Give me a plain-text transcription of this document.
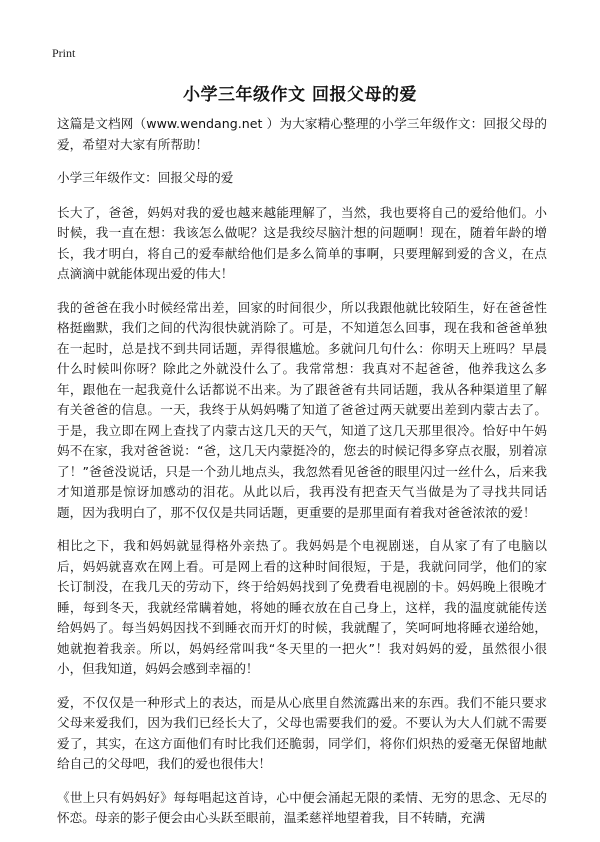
Print
小学三年级作文 回报父母的爱

这篇是文档网（www.wendang.net ）为大家精心整理的小学三年级作文：回报父母的爱，希望对大家有所帮助！

小学三年级作文：回报父母的爱

长大了，爸爸，妈妈对我的爱也越来越能理解了，当然，我也要将自己的爱给他们。小时候，我一直在想：我该怎么做呢？这是我绞尽脑汁想的问题啊！现在，随着年龄的增长，我才明白，将自己的爱奉献给他们是多么简单的事啊，只要理解到爱的含义，在点点滴滴中就能体现出爱的伟大！

我的爸爸在我小时候经常出差，回家的时间很少，所以我跟他就比较陌生，好在爸爸性格挺幽默，我们之间的代沟很快就消除了。可是，不知道怎么回事，现在我和爸爸单独在一起时，总是找不到共同话题，弄得很尴尬。多就问几句什么：你明天上班吗？早晨什么时候叫你呀？除此之外就没什么了。我常常想：我真对不起爸爸，他养我这么多年，跟他在一起我竟什么话都说不出来。为了跟爸爸有共同话题，我从各种渠道里了解有关爸爸的信息。一天，我终于从妈妈嘴了知道了爸爸过两天就要出差到内蒙古去了。于是，我立即在网上查找了内蒙古这几天的天气，知道了这几天那里很冷。恰好中午妈妈不在家，我对爸爸说：“爸，这几天内蒙挺冷的，您去的时候记得多穿点衣服，别着凉了！”爸爸没说话，只是一个劲儿地点头，我忽然看见爸爸的眼里闪过一丝什么，后来我才知道那是惊讶加感动的泪花。从此以后，我再没有把查天气当做是为了寻找共同话题，因为我明白了，那不仅仅是共同话题，更重要的是那里面有着我对爸爸浓浓的爱！

相比之下，我和妈妈就显得格外亲热了。我妈妈是个电视剧迷，自从家了有了电脑以后，妈妈就喜欢在网上看。可是网上看的这种时间很短，于是，我就问同学，他们的家长订制没，在我几天的劳动下，终于给妈妈找到了免费看电视剧的卡。妈妈晚上很晚才睡，每到冬天，我就经常瞒着她，将她的睡衣放在自己身上，这样，我的温度就能传送给妈妈了。每当妈妈因找不到睡衣而开灯的时候，我就醒了，笑呵呵地将睡衣递给她，她就抱着我亲。所以，妈妈经常叫我“冬天里的一把火”！我对妈妈的爱，虽然很小很小，但我知道，妈妈会感到幸福的！

爱，不仅仅是一种形式上的表达，而是从心底里自然流露出来的东西。我们不能只要求父母来爱我们，因为我们已经长大了，父母也需要我们的爱。不要认为大人们就不需要爱了，其实，在这方面他们有时比我们还脆弱，同学们，将你们炽热的爱毫无保留地献给自己的父母吧，我们的爱也很伟大！

《世上只有妈妈好》每每唱起这首诗，心中便会涌起无限的柔情、无穷的思念、无尽的怀恋。母亲的影子便会由心头跃至眼前，温柔慈祥地望着我，目不转睛，充满
